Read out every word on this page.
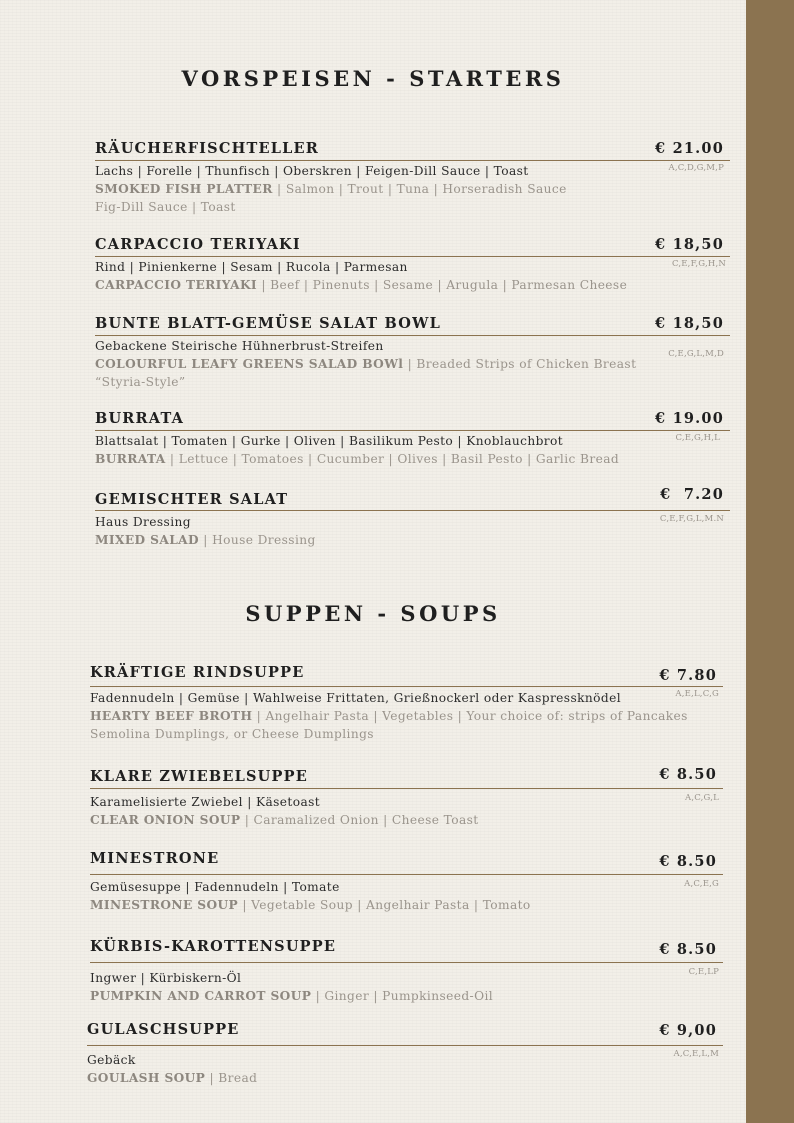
VORSPEISEN - STARTERS
RÄUCHERFISCHTELLER	€ 21.00
A,C,D,G,M,P
Lachs | Forelle | Thunfisch | Oberskren | Feigen-Dill Sauce | Toast
SMOKED FISH PLATTER | Salmon | Trout | Tuna | Horseradish Sauce
Fig-Dill Sauce | Toast
CARPACCIO TERIYAKI	€ 18,50
C,E,F,G,H,N
Rind | Pinienkerne | Sesam | Rucola | Parmesan
CARPACCIO TERIYAKI | Beef | Pinenuts | Sesame | Arugula | Parmesan Cheese
BUNTE BLATT-GEMÜSE SALAT BOWL	€ 18,50
C,E,G,L,M,D
Gebackene Steirische Hühnerbrust-Streifen
COLOURFUL LEAFY GREENS SALAD BOWl | Breaded Strips of Chicken Breast
“Styria-Style”
BURRATA	€ 19.00
C,E,G,H,L
Blattsalat | Tomaten | Gurke | Oliven | Basilikum Pesto | Knoblauchbrot
BURRATA | Lettuce | Tomatoes | Cucumber | Olives | Basil Pesto | Garlic Bread
GEMISCHTER SALAT	€  7.20
C,E,F,G,L,M.N
Haus Dressing
MIXED SALAD | House Dressing
SUPPEN - SOUPS
KRÄFTIGE RINDSUPPE	€ 7.80
A,E,L,C,G
Fadennudeln | Gemüse | Wahlweise Frittaten, Grießnockerl oder Kaspressknödel
HEARTY BEEF BROTH | Angelhair Pasta | Vegetables | Your choice of: strips of Pancakes
Semolina Dumplings, or Cheese Dumplings
KLARE ZWIEBELSUPPE	€ 8.50
A,C,G,L
Karamelisierte Zwiebel | Käsetoast
CLEAR ONION SOUP | Caramalized Onion | Cheese Toast
MINESTRONE	€ 8.50
A,C,E,G
Gemüsesuppe | Fadennudeln | Tomate
MINESTRONE SOUP | Vegetable Soup | Angelhair Pasta | Tomato
KÜRBIS-KAROTTENSUPPE	€ 8.50
C,E,LP
Ingwer | Kürbiskern-Öl
PUMPKIN AND CARROT SOUP | Ginger | Pumpkinseed-Oil
GULASCHSUPPE	€ 9,00
A,C,E,L,M
Gebäck
GOULASH SOUP | Bread
